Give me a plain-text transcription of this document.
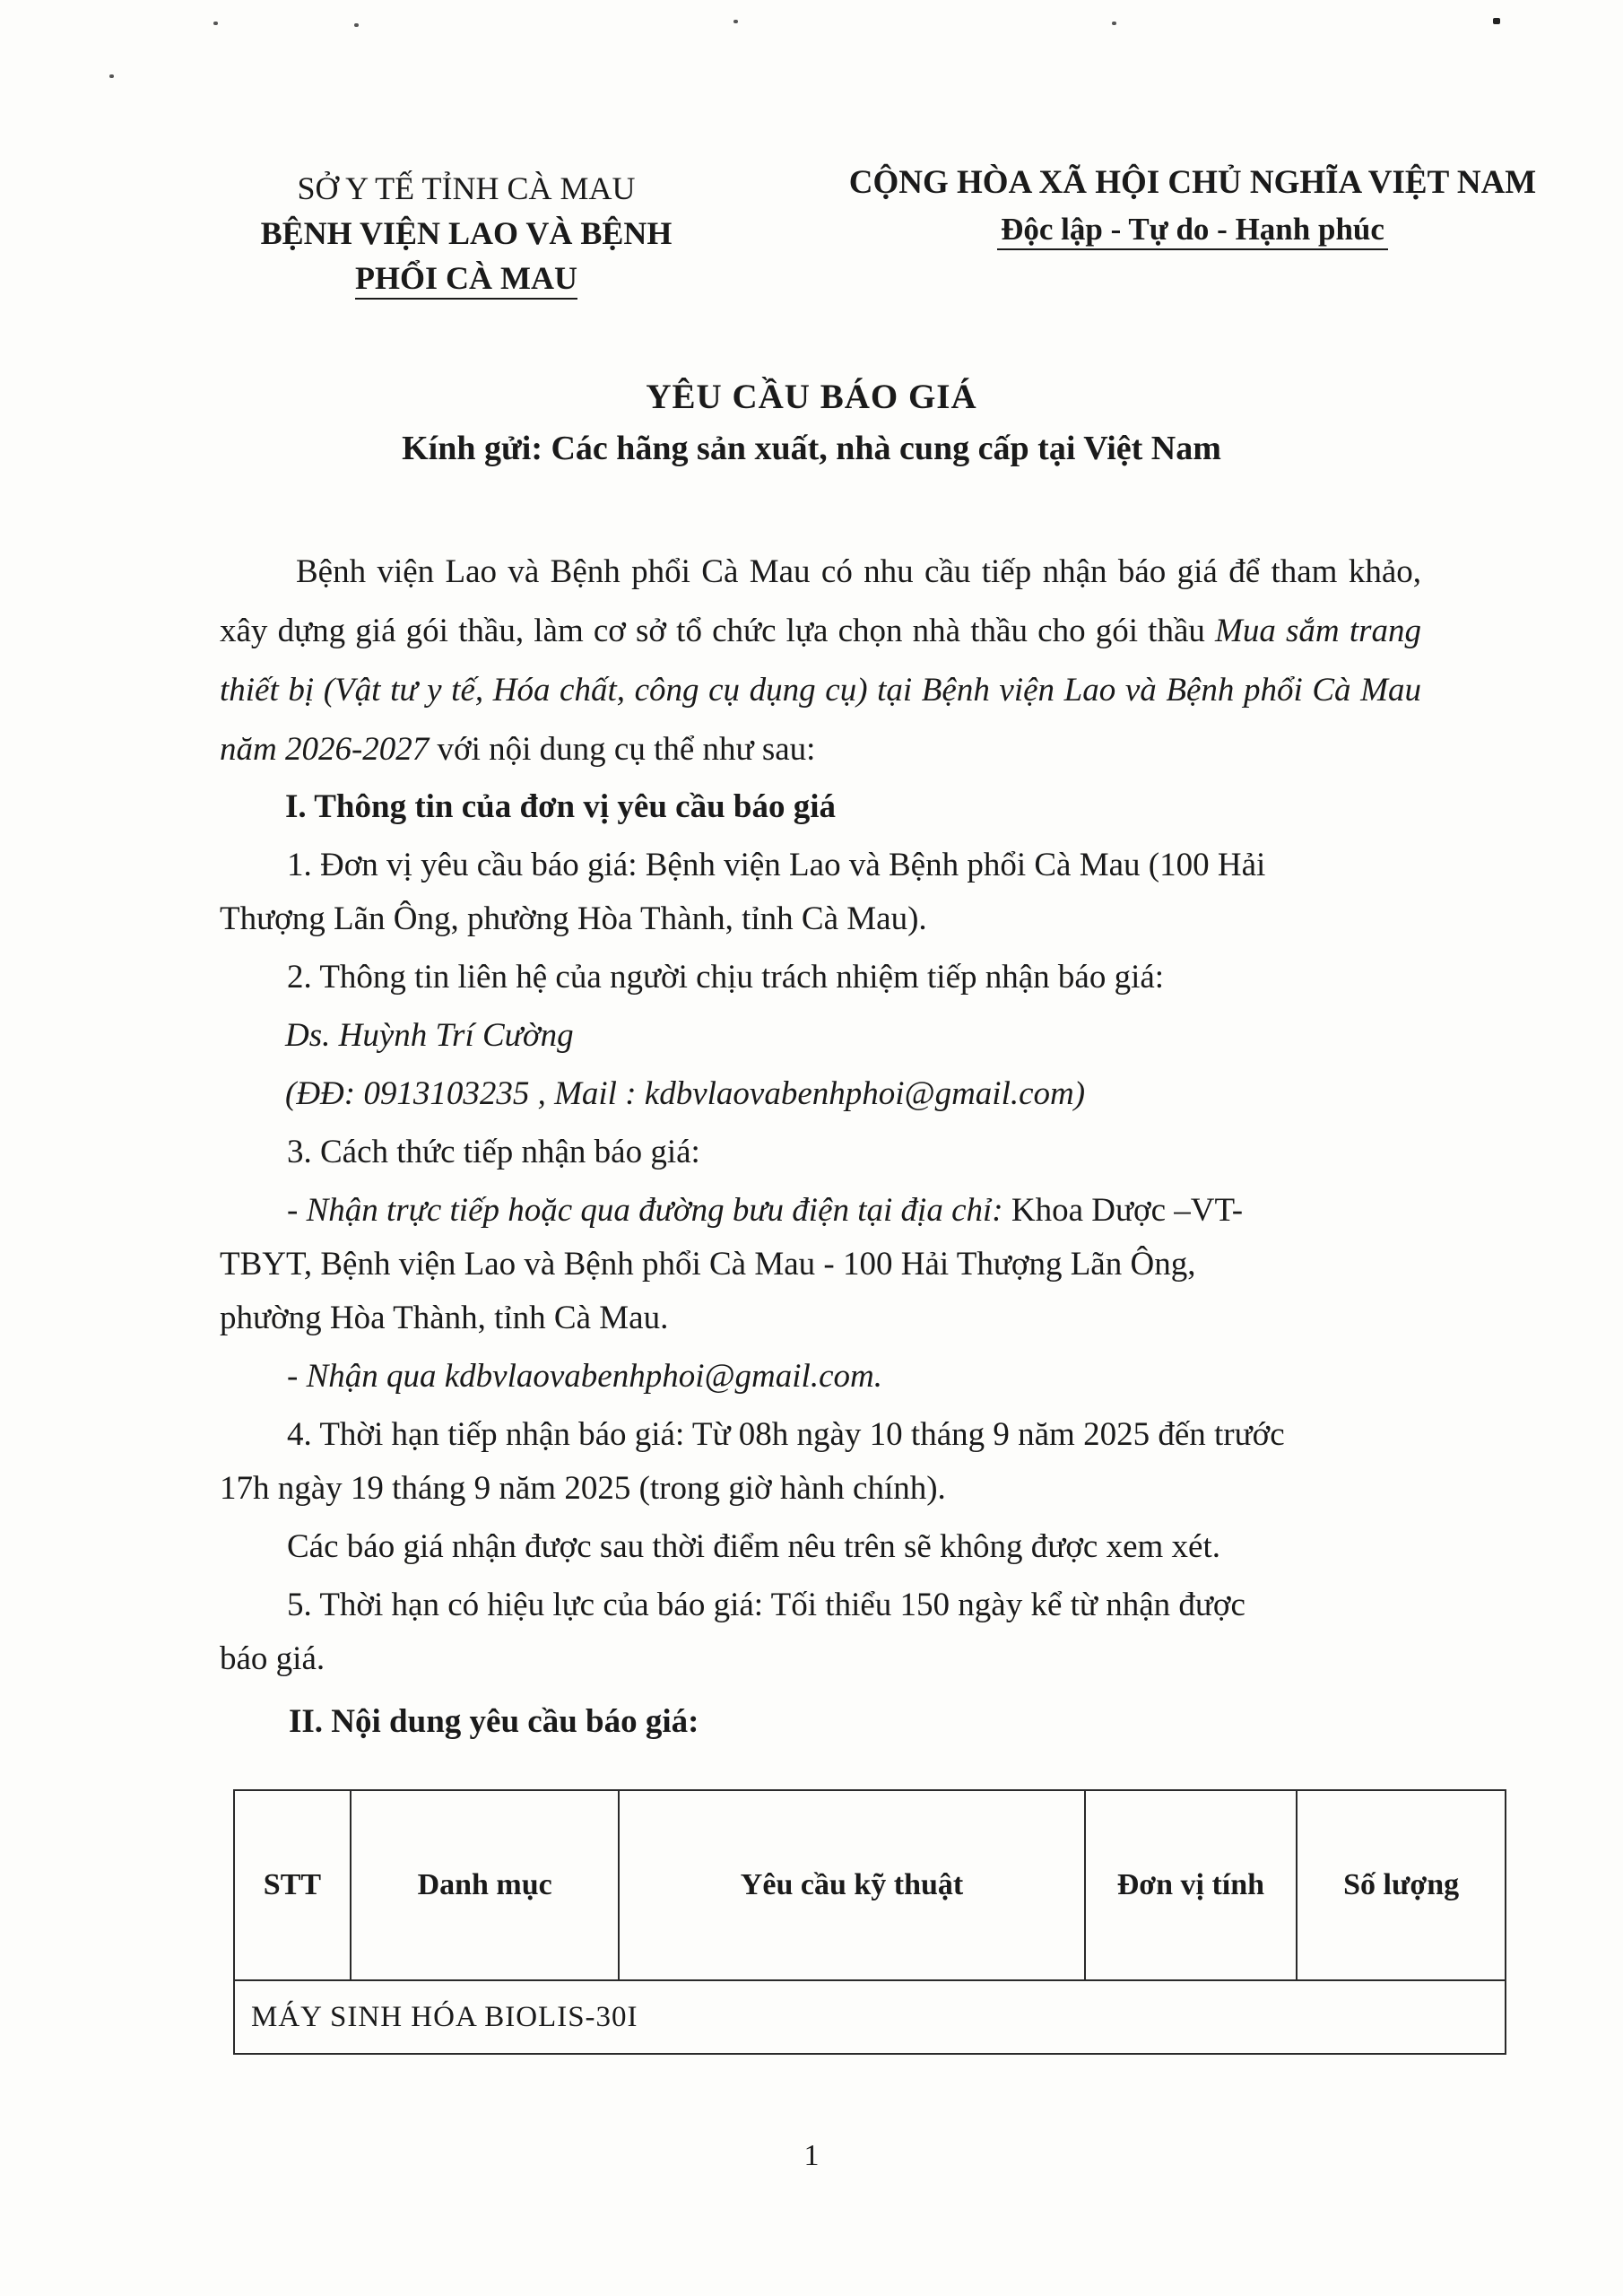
SỞ Y TẾ TỈNH CÀ MAU
BỆNH VIỆN LAO VÀ BỆNH
PHỔI CÀ MAU
CỘNG HÒA XÃ HỘI CHỦ NGHĨA VIỆT NAM
Độc lập - Tự do - Hạnh phúc
YÊU CẦU BÁO GIÁ
Kính gửi: Các hãng sản xuất, nhà cung cấp tại Việt Nam
Bệnh viện Lao và Bệnh phổi Cà Mau có nhu cầu tiếp nhận báo giá để tham khảo, xây dựng giá gói thầu, làm cơ sở tổ chức lựa chọn nhà thầu cho gói thầu Mua sắm trang thiết bị (Vật tư y tế, Hóa chất, công cụ dụng cụ) tại Bệnh viện Lao và Bệnh phổi Cà Mau năm 2026-2027 với nội dung cụ thể như sau:
I. Thông tin của đơn vị yêu cầu báo giá
1. Đơn vị yêu cầu báo giá: Bệnh viện Lao và Bệnh phổi Cà Mau (100 Hải
Thượng Lãn Ông, phường Hòa Thành, tỉnh Cà Mau).
2. Thông tin liên hệ của người chịu trách nhiệm tiếp nhận báo giá:
Ds. Huỳnh Trí Cường
(ĐĐ: 0913103235 , Mail : kdbvlaovabenhphoi@gmail.com)
3. Cách thức tiếp nhận báo giá:
- Nhận trực tiếp hoặc qua đường bưu điện tại địa chỉ: Khoa Dược –VT-
TBYT, Bệnh viện Lao và Bệnh phổi Cà Mau - 100 Hải Thượng Lãn Ông,
phường Hòa Thành, tỉnh Cà Mau.
- Nhận qua kdbvlaovabenhphoi@gmail.com.
4. Thời hạn tiếp nhận báo giá: Từ 08h ngày 10 tháng 9 năm 2025 đến trước
17h ngày 19 tháng 9 năm 2025 (trong giờ hành chính).
Các báo giá nhận được sau thời điểm nêu trên sẽ không được xem xét.
5. Thời hạn có hiệu lực của báo giá: Tối thiểu 150 ngày kể từ nhận được
báo giá.
II. Nội dung yêu cầu báo giá:
STT	Danh mục	Yêu cầu kỹ thuật	Đơn vị tính	Số lượng
MÁY SINH HÓA BIOLIS-30I
1
